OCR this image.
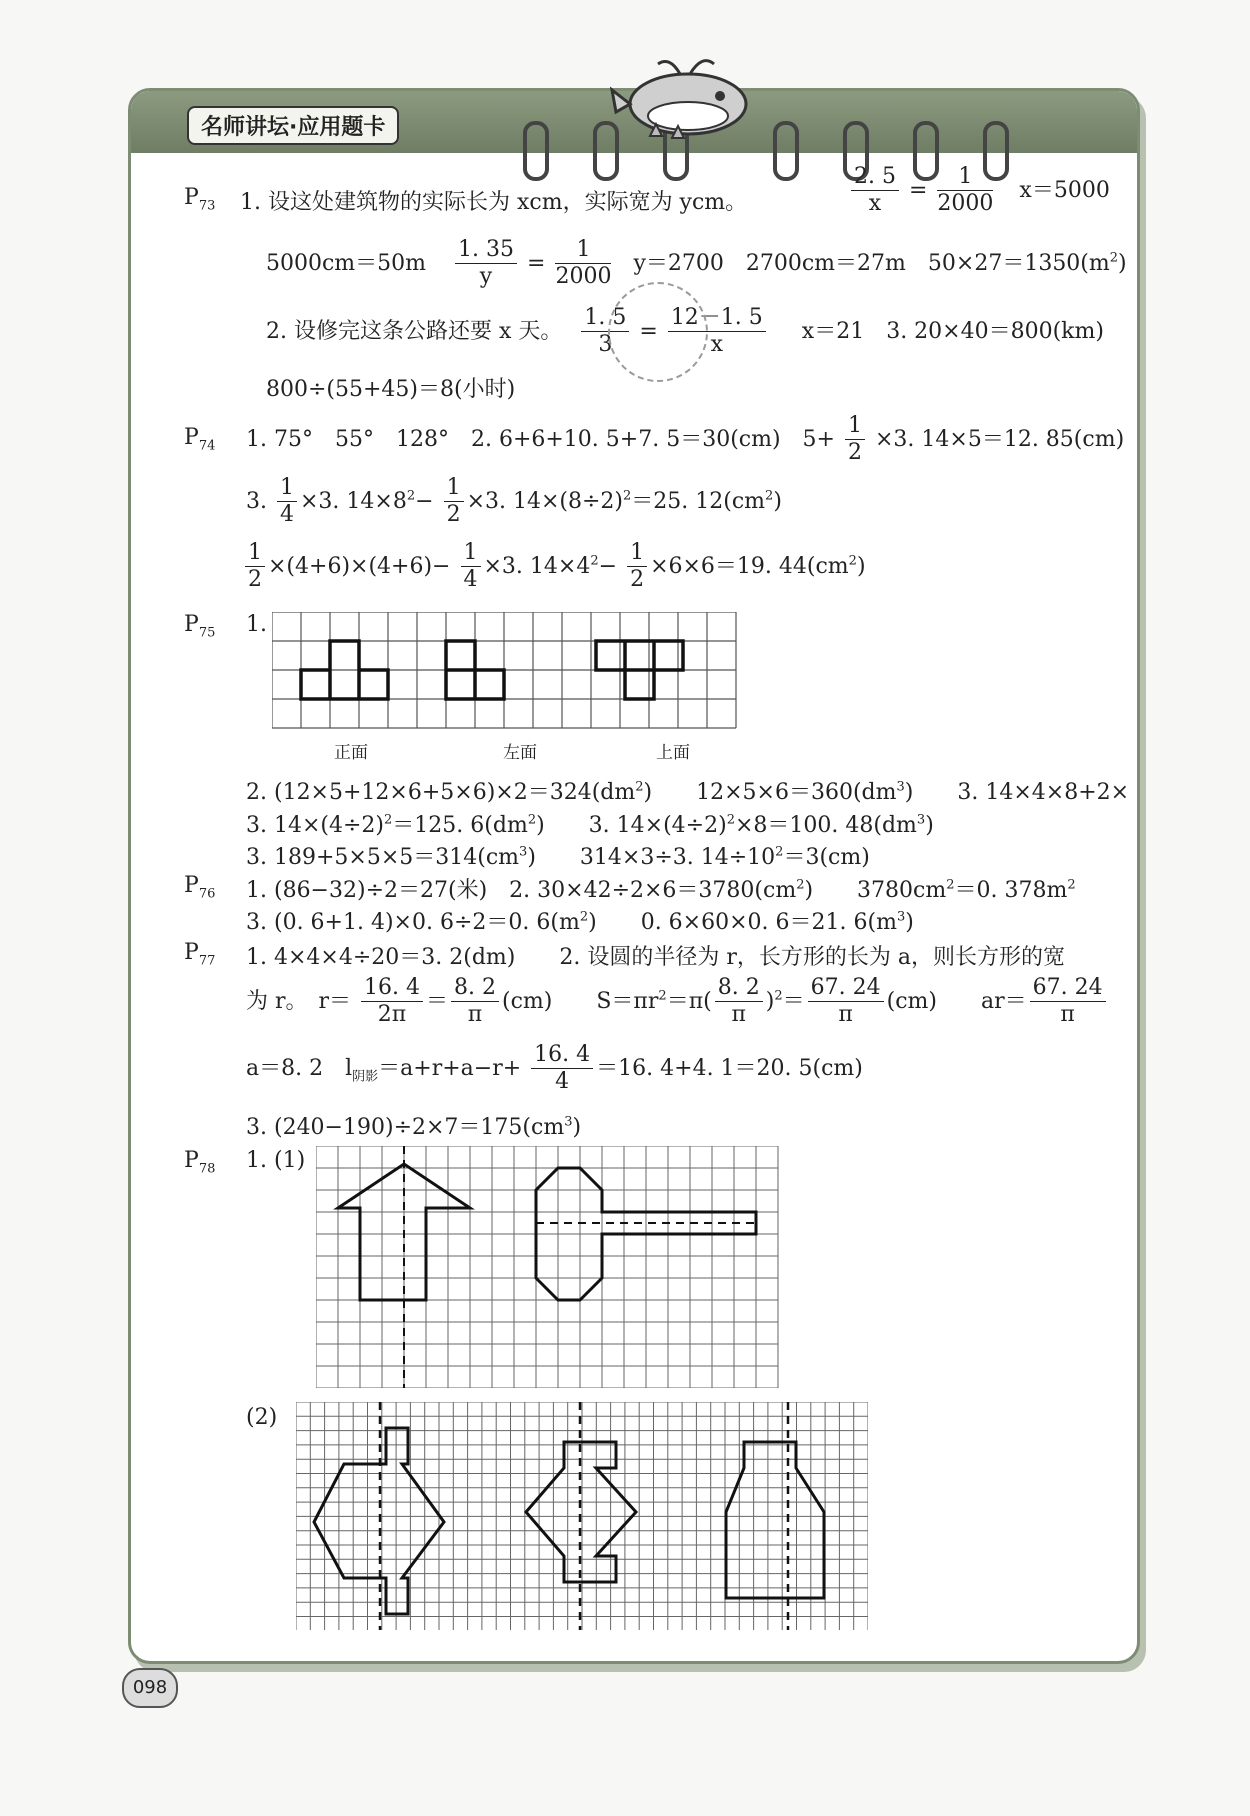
名师讲坛·应用题卡
$P_{73}$ 1. 设这处建筑物的实际长为 xcm，实际宽为 ycm。	$\frac{2. 5}{x} = \frac{1}{2000} x=5000$
$5000cm=50m \frac{1. 35}{y} = \frac{1}{2000} y=2700$　2700cm＝27m　$50\times 27=1350(m^2)$
2. 设修完这条公路还要 x 天。 $\frac{1. 5}{3} = \frac{12-1. 5}{x} x=21$　3. 20×40＝800(km)
800÷(55+45)＝8(小时)
$P_{74}$ 1. 75°　55°　128°　2. 6+6+10. 5+7. 5＝30(cm)　$5+ \frac{1}{2} \times 3$. 14×5＝12. 85(cm)
3. $\frac{1}{4} \times 3$. $14\times 8^2- \frac{1}{2} \times 3$. $14\times(8\div 2)^2=25$. $12(cm^2)$
$\frac{1}{2} \times(4+6)\times(4+6)- \frac{1}{4} \times 3$. $14\times 4^2- \frac{1}{2} \times 6\times 6=19$. $44(cm^2)$
$P_{75}$ 1.
正面	左面	上面
2. $(12\times 5+12\times 6+5\times 6)\times 2=324(dm^2)$　　$12\times 5\times 6=360(dm^3)$　　3. 14×4×8+2×
3. $14\times(4\div 2)^2=125$. $6(dm^2)$　　3. $14\times(4\div 2)^2\times 8=100$. $48(dm^3)$
3. $189+5\times 5\times 5=314(cm^3)$　　314×3÷3. $14\div 10^2=3(cm)$
$P_{76}$ 1. (86−32)÷2＝27(米)　2. $30\times 42\div 2\times 6=3780(cm^2)$　　$3780cm^2=0$. $378m^2$
3. (0. 6+1. 4)×0. 6÷2＝0. $6(m^2)$　　0. 6×60×0. 6＝21. $6(m^3)$
$P_{77}$ 1. 4×4×4÷20＝3. 2(dm)　　2. 设圆的半径为 r，长方形的长为 a，则长方形的宽
为 r。　$r= \frac{16. 4}{2\pi} = \frac{8. 2}{\pi} (cm)$　　$S=\pi r^2=\pi( \frac{8. 2}{\pi} )^2= \frac{67. 24}{\pi} (cm)$　　$ar= \frac{67. 24}{\pi}$
a＝8. 2　$l_{阴影}=a+r+a-r+ \frac{16. 4}{4} =16$. 4+4. 1＝20. 5(cm)
3. $(240-190)\div 2\times 7=175(cm^3)$
$P_{78}$ 1. (1)
(2)
098
